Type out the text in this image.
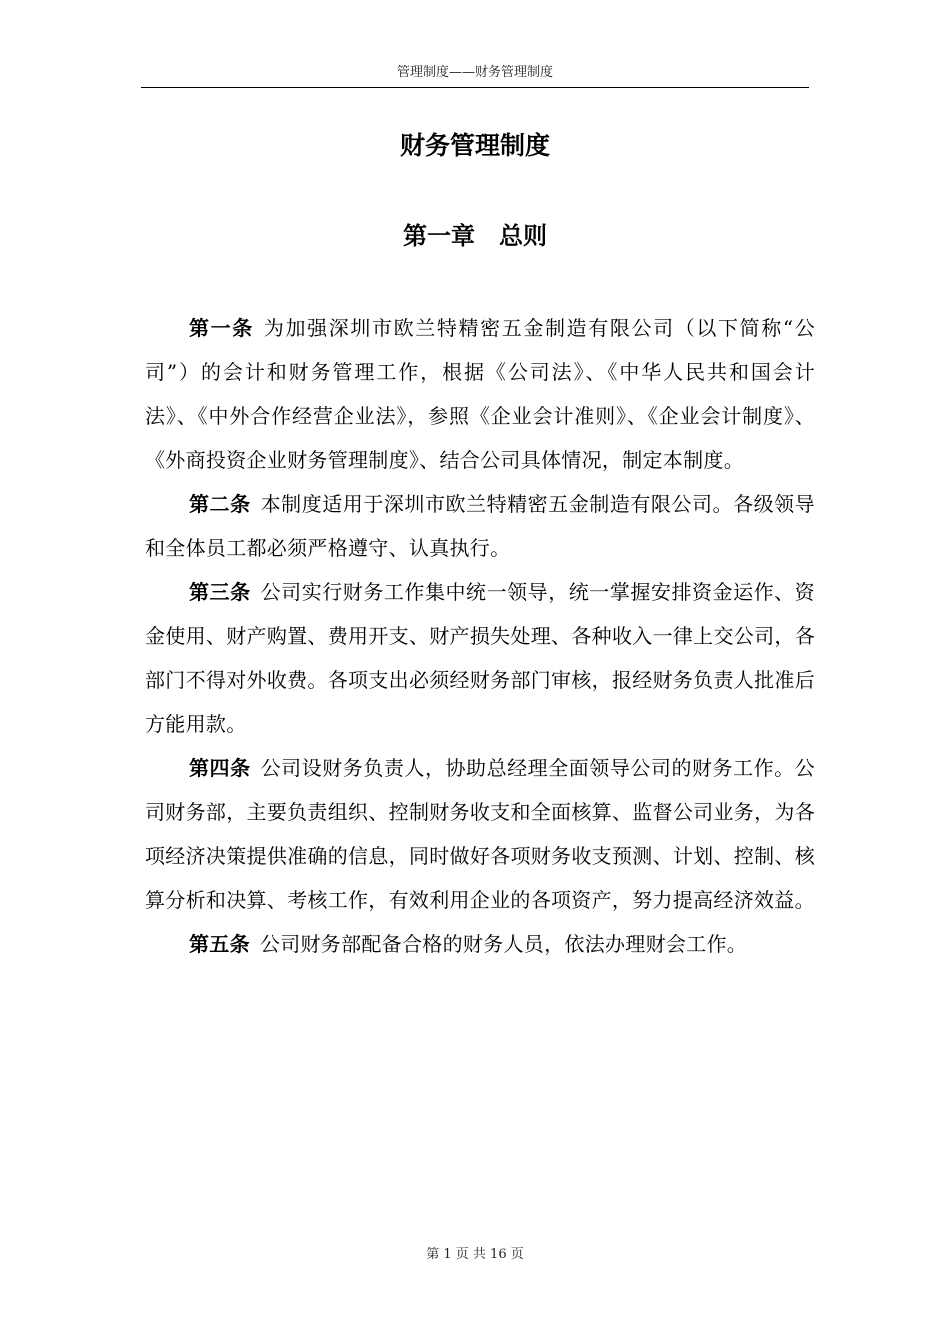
管理制度——财务管理制度
财务管理制度
第一章　总则

第一条 为加强深圳市欧兰特精密五金制造有限公司（以下简称“公司”）的会计和财务管理工作，根据《公司法》、《中华人民共和国会计法》、《中外合作经营企业法》，参照《企业会计准则》、《企业会计制度》、《外商投资企业财务管理制度》、结合公司具体情况，制定本制度。

第二条 本制度适用于深圳市欧兰特精密五金制造有限公司。各级领导和全体员工都必须严格遵守、认真执行。

第三条 公司实行财务工作集中统一领导，统一掌握安排资金运作、资金使用、财产购置、费用开支、财产损失处理、各种收入一律上交公司，各部门不得对外收费。各项支出必须经财务部门审核，报经财务负责人批准后方能用款。

第四条 公司设财务负责人，协助总经理全面领导公司的财务工作。公司财务部，主要负责组织、控制财务收支和全面核算、监督公司业务，为各项经济决策提供准确的信息，同时做好各项财务收支预测、计划、控制、核算分析和决算、考核工作，有效利用企业的各项资产，努力提高经济效益。

第五条 公司财务部配备合格的财务人员，依法办理财会工作。

第 1 页 共 16 页
